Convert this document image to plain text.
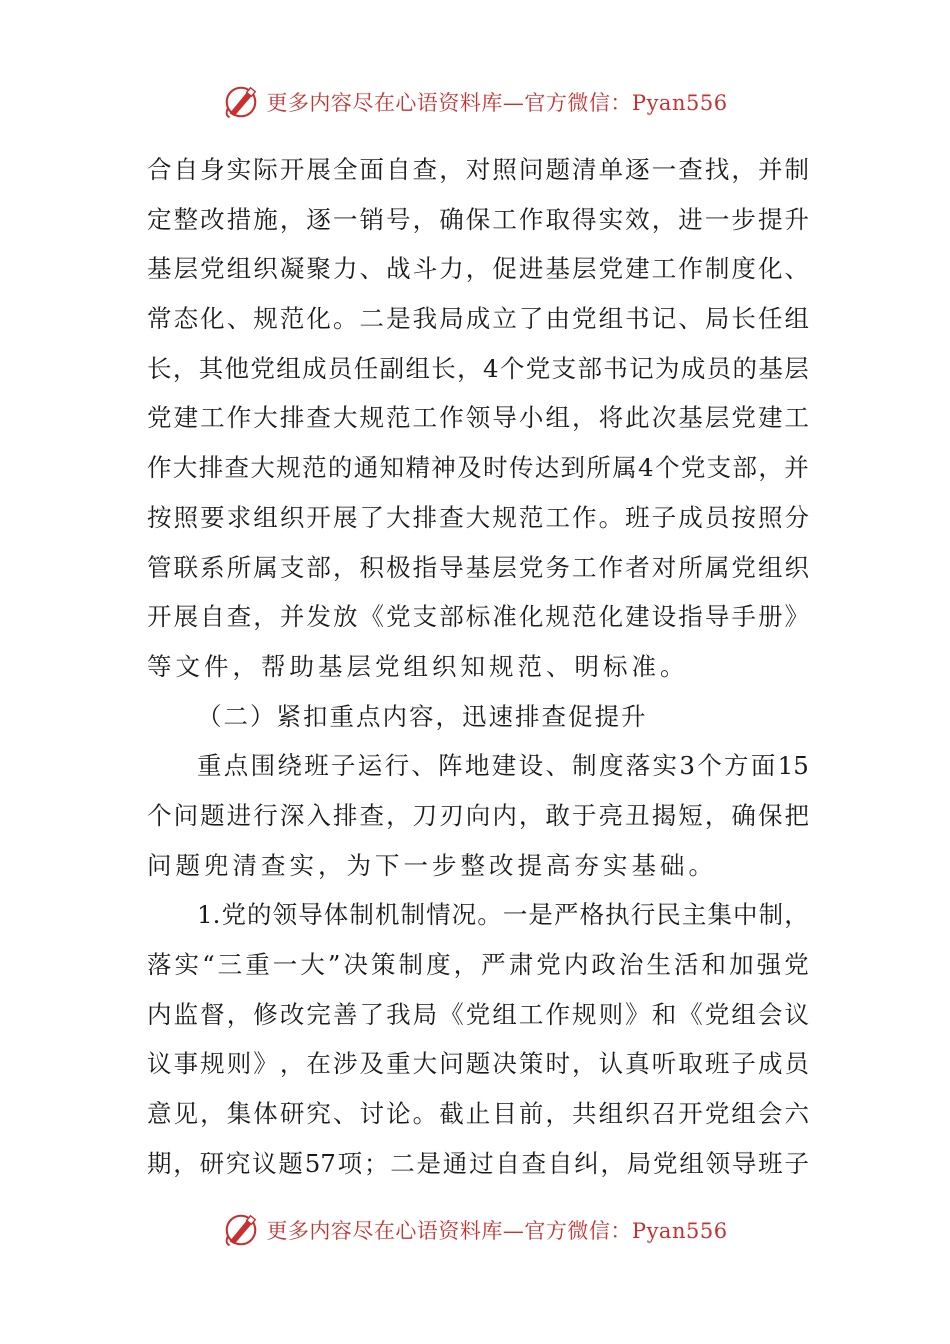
更多内容尽在心语资料库—官方微信：Pyan556
合 自 身 实 际 开 展 全 面 自 查 ， 对 照 问 题 清 单 逐 一 查 找 ， 并 制
定 整 改 措 施 ， 逐 一 销 号 ， 确 保 工 作 取 得 实 效 ， 进 一 步 提 升
基 层 党 组 织 凝 聚 力 、 战 斗 力 ， 促 进 基 层 党 建 工 作 制 度 化 、
常 态 化 、 规 范 化 。 二 是 我 局 成 立 了 由 党 组 书 记 、 局 长 任 组
长 ， 其 他 党 组 成 员 任 副 组 长 ， 4 个 党 支 部 书 记 为 成 员 的 基 层
党 建 工 作 大 排 查 大 规 范 工 作 领 导 小 组 ， 将 此 次 基 层 党 建 工
作 大 排 查 大 规 范 的 通 知 精 神 及 时 传 达 到 所 属 4 个 党 支 部 ， 并
按 照 要 求 组 织 开 展 了 大 排 查 大 规 范 工 作 。 班 子 成 员 按 照 分
管 联 系 所 属 支 部 ， 积 极 指 导 基 层 党 务 工 作 者 对 所 属 党 组 织
开 展 自 查 ， 并 发 放 《 党 支 部 标 准 化 规 范 化 建 设 指 导 手 册 》
等文件，帮助基层党组织知规范、明标准。
（二）紧扣重点内容，迅速排查促提升
重 点 围 绕 班 子 运 行 、 阵 地 建 设 、 制 度 落 实 3 个 方 面 15
个 问 题 进 行 深 入 排 查 ， 刀 刃 向 内 ， 敢 于 亮 丑 揭 短 ， 确 保 把
问题兜清查实，为下一步整改提高夯实基础。
1. 党 的 领 导 体 制 机 制 情 况 。 一 是 严 格 执 行 民 主 集 中 制 ，
落 实 “ 三 重 一 大 ” 决 策 制 度 ， 严 肃 党 内 政 治 生 活 和 加 强 党
内 监 督 ， 修 改 完 善 了 我 局 《 党 组 工 作 规 则 》 和 《 党 组 会 议
议 事 规 则 》 ， 在 涉 及 重 大 问 题 决 策 时 ， 认 真 听 取 班 子 成 员
意 见 ， 集 体 研 究 、 讨 论 。 截 止 目 前 ， 共 组 织 召 开 党 组 会 六
期 ， 研 究 议 题 57 项 ； 二 是 通 过 自 查 自 纠 ， 局 党 组 领 导 班 子
更多内容尽在心语资料库—官方微信：Pyan556
